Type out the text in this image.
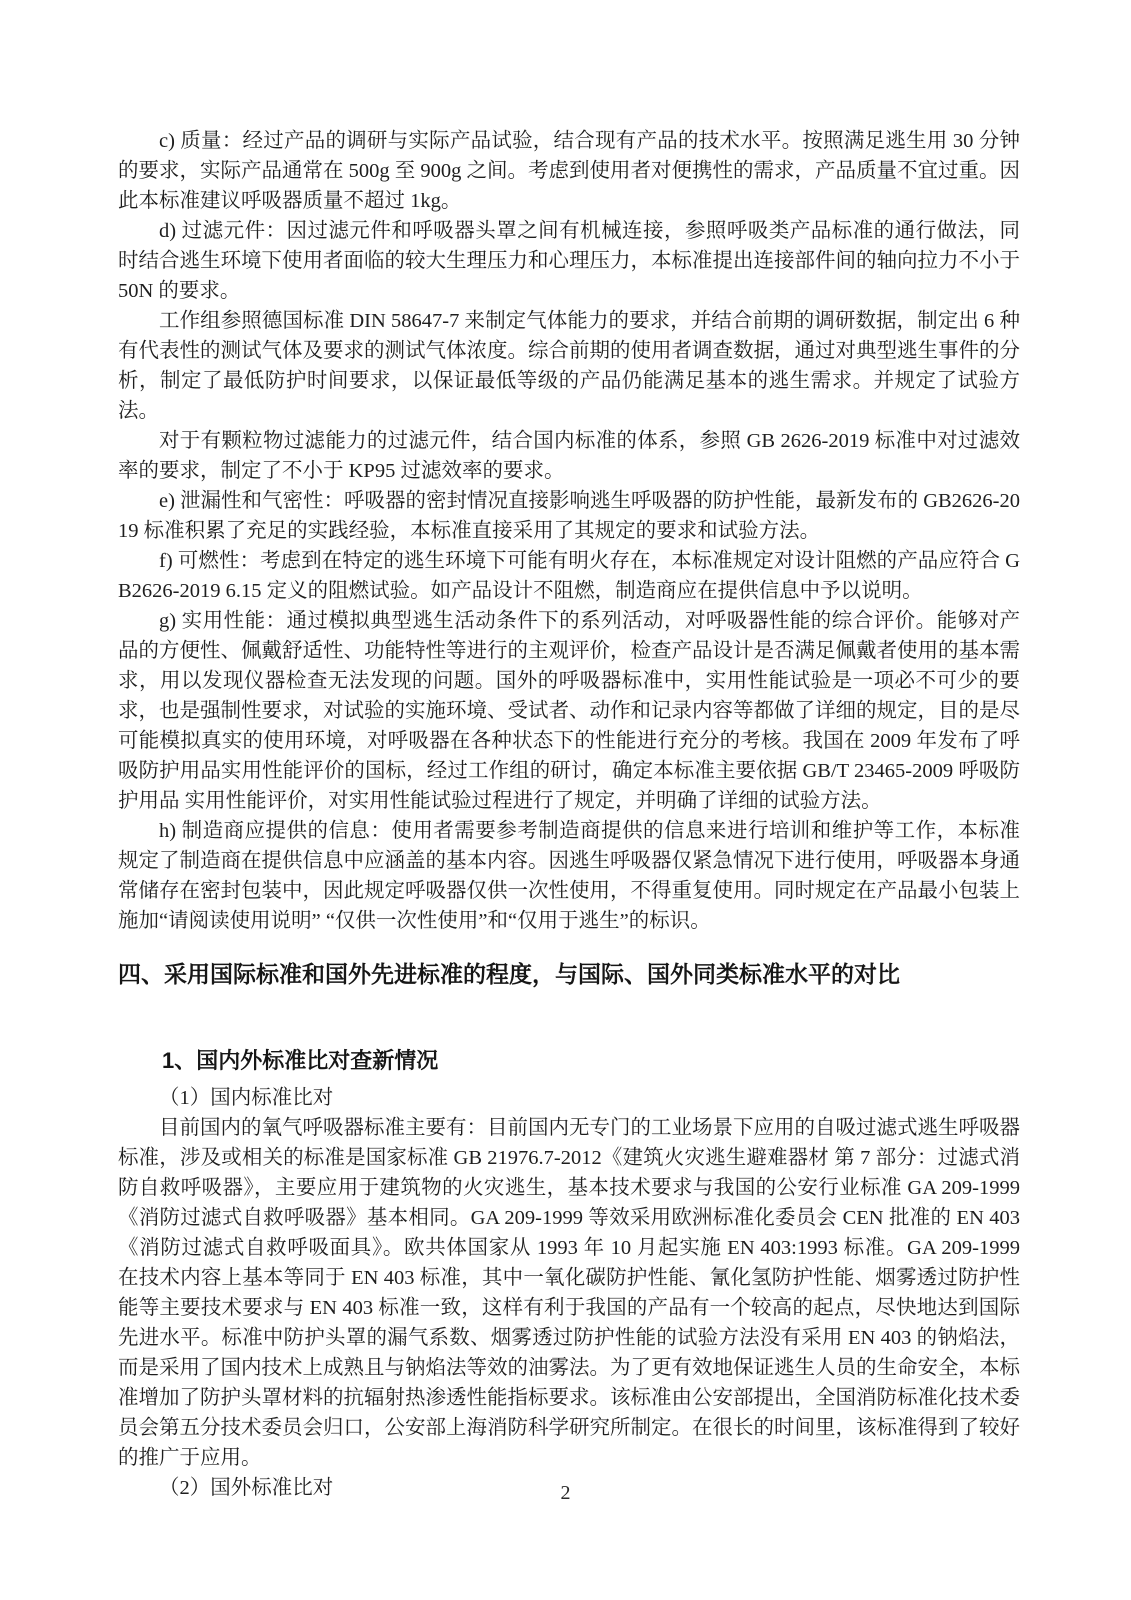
c) 质量：经过产品的调研与实际产品试验，结合现有产品的技术水平。按照满足逃生用 30 分钟的要求，实际产品通常在 500g 至 900g 之间。考虑到使用者对便携性的需求，产品质量不宜过重。因此本标准建议呼吸器质量不超过 1kg。

d) 过滤元件：因过滤元件和呼吸器头罩之间有机械连接，参照呼吸类产品标准的通行做法，同时结合逃生环境下使用者面临的较大生理压力和心理压力，本标准提出连接部件间的轴向拉力不小于 50N 的要求。

工作组参照德国标准 DIN 58647-7 来制定气体能力的要求，并结合前期的调研数据，制定出 6 种有代表性的测试气体及要求的测试气体浓度。综合前期的使用者调查数据，通过对典型逃生事件的分析，制定了最低防护时间要求，以保证最低等级的产品仍能满足基本的逃生需求。并规定了试验方法。

对于有颗粒物过滤能力的过滤元件，结合国内标准的体系，参照 GB 2626-2019 标准中对过滤效率的要求，制定了不小于 KP95 过滤效率的要求。

e) 泄漏性和气密性：呼吸器的密封情况直接影响逃生呼吸器的防护性能，最新发布的 GB2626-2019 标准积累了充足的实践经验，本标准直接采用了其规定的要求和试验方法。

f) 可燃性：考虑到在特定的逃生环境下可能有明火存在，本标准规定对设计阻燃的产品应符合 GB2626-2019 6.15 定义的阻燃试验。如产品设计不阻燃，制造商应在提供信息中予以说明。

g) 实用性能：通过模拟典型逃生活动条件下的系列活动，对呼吸器性能的综合评价。能够对产品的方便性、佩戴舒适性、功能特性等进行的主观评价，检查产品设计是否满足佩戴者使用的基本需求，用以发现仪器检查无法发现的问题。国外的呼吸器标准中，实用性能试验是一项必不可少的要求，也是强制性要求，对试验的实施环境、受试者、动作和记录内容等都做了详细的规定，目的是尽可能模拟真实的使用环境，对呼吸器在各种状态下的性能进行充分的考核。我国在 2009 年发布了呼吸防护用品实用性能评价的国标，经过工作组的研讨，确定本标准主要依据 GB/T 23465-2009 呼吸防护用品 实用性能评价，对实用性能试验过程进行了规定，并明确了详细的试验方法。

h) 制造商应提供的信息：使用者需要参考制造商提供的信息来进行培训和维护等工作，本标准规定了制造商在提供信息中应涵盖的基本内容。因逃生呼吸器仅紧急情况下进行使用，呼吸器本身通常储存在密封包装中，因此规定呼吸器仅供一次性使用，不得重复使用。同时规定在产品最小包装上施加“请阅读使用说明” “仅供一次性使用”和“仅用于逃生”的标识。

四、采用国际标准和国外先进标准的程度，与国际、国外同类标准水平的对比
1、国内外标准比对查新情况

（1）国内标准比对

目前国内的氧气呼吸器标准主要有：目前国内无专门的工业场景下应用的自吸过滤式逃生呼吸器标准，涉及或相关的标准是国家标准 GB 21976.7-2012《建筑火灾逃生避难器材 第 7 部分：过滤式消防自救呼吸器》，主要应用于建筑物的火灾逃生，基本技术要求与我国的公安行业标准 GA 209-1999《消防过滤式自救呼吸器》基本相同。GA 209-1999 等效采用欧洲标准化委员会 CEN 批准的 EN 403《消防过滤式自救呼吸面具》。欧共体国家从 1993 年 10 月起实施 EN 403:1993 标准。GA 209-1999 在技术内容上基本等同于 EN 403 标准，其中一氧化碳防护性能、氰化氢防护性能、烟雾透过防护性能等主要技术要求与 EN 403 标准一致，这样有利于我国的产品有一个较高的起点，尽快地达到国际先进水平。标准中防护头罩的漏气系数、烟雾透过防护性能的试验方法没有采用 EN 403 的钠焰法，而是采用了国内技术上成熟且与钠焰法等效的油雾法。为了更有效地保证逃生人员的生命安全，本标准增加了防护头罩材料的抗辐射热渗透性能指标要求。该标准由公安部提出，全国消防标准化技术委员会第五分技术委员会归口，公安部上海消防科学研究所制定。在很长的时间里，该标准得到了较好的推广于应用。

（2）国外标准比对	2
